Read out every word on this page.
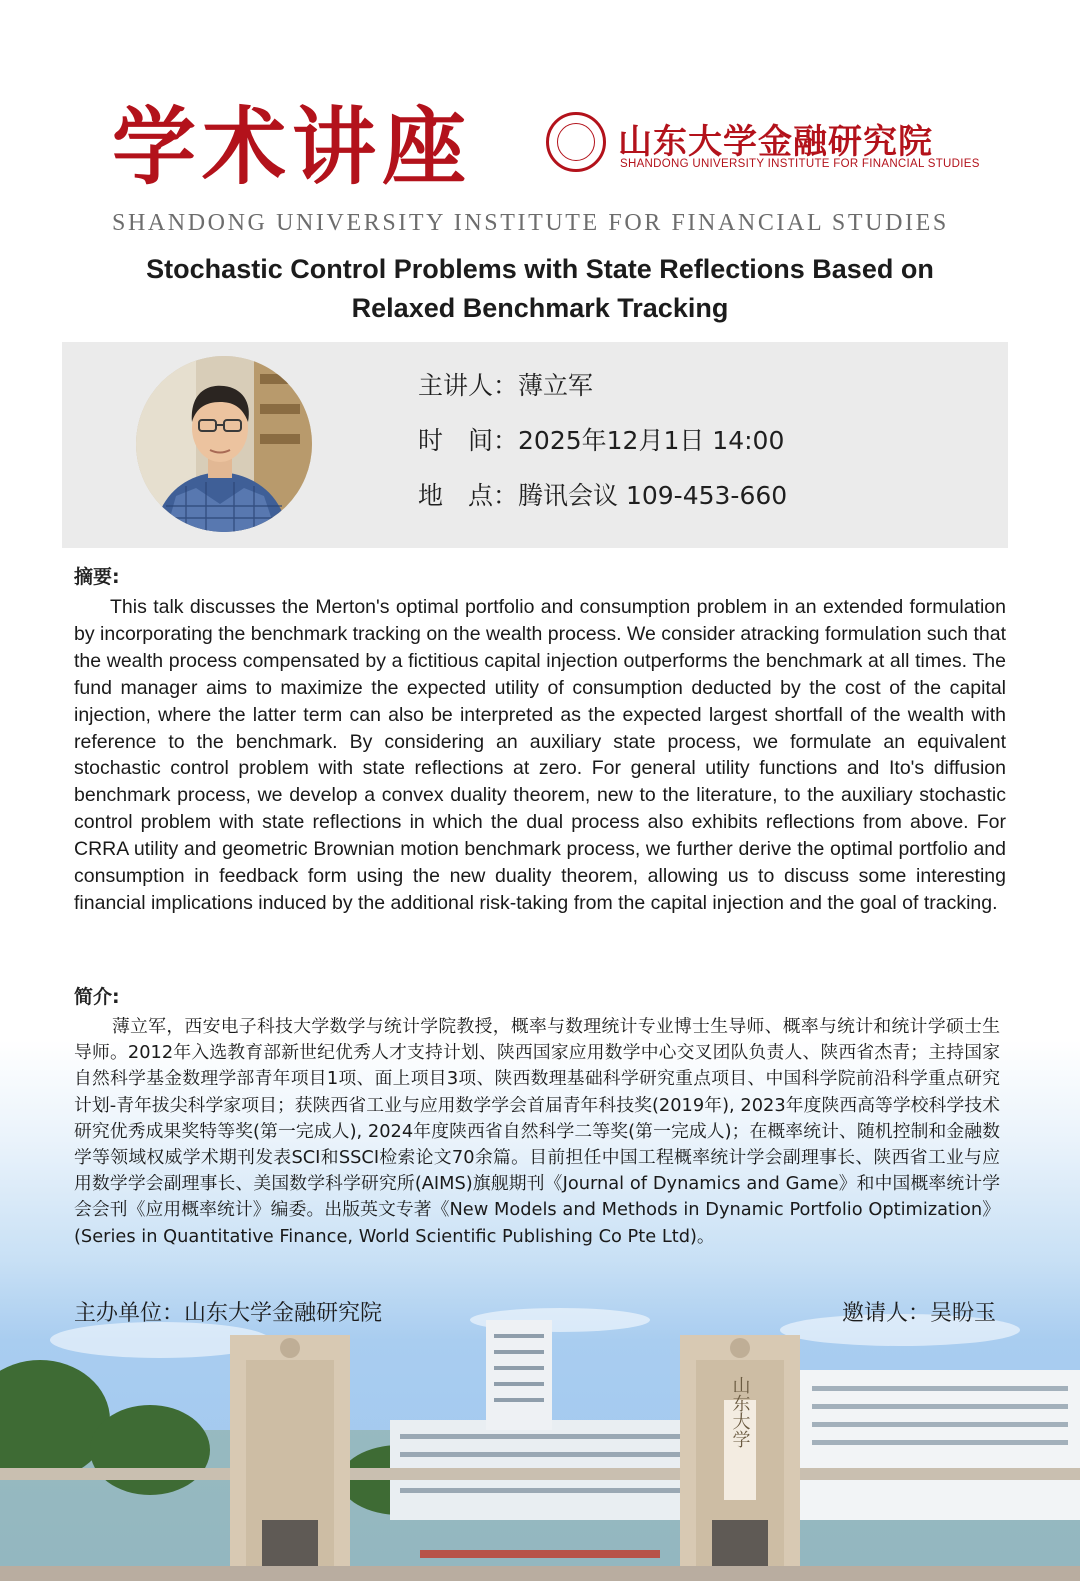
学术讲座	山东大学金融研究院
SHANDONG UNIVERSITY INSTITUTE FOR FINANCIAL STUDIES
SHANDONG UNIVERSITY INSTITUTE FOR FINANCIAL STUDIES
Stochastic Control Problems with State Reflections Based on
Relaxed Benchmark Tracking
主讲人：薄立军
时　间：2025年12月1日 14:00
地　点：腾讯会议 109-453-660
摘要:

This talk discusses the Merton's optimal portfolio and consumption problem in an extended formulation by incorporating the benchmark tracking on the wealth process. We consider atracking formulation such that the wealth process compensated by a fictitious capital injection outperforms the benchmark at all times. The fund manager aims to maximize the expected utility of consumption deducted by the cost of the capital injection, where the latter term can also be interpreted as the expected largest shortfall of the wealth with reference to the benchmark. By considering an auxiliary state process, we formulate an equivalent stochastic control problem with state reflections at zero. For general utility functions and Ito's diffusion benchmark process, we develop a convex duality theorem, new to the literature, to the auxiliary stochastic control problem with state reflections in which the dual process also exhibits reflections from above. For CRRA utility and geometric Brownian motion benchmark process, we further derive the optimal portfolio and consumption in feedback form using the new duality theorem, allowing us to discuss some interesting financial implications induced by the additional risk-taking from the capital injection and the goal of tracking.

简介:

薄立军，西安电子科技大学数学与统计学院教授，概率与数理统计专业博士生导师、概率与统计和统计学硕士生导师。2012年入选教育部新世纪优秀人才支持计划、陕西国家应用数学中心交叉团队负责人、陕西省杰青；主持国家自然科学基金数理学部青年项目1项、面上项目3项、陕西数理基础科学研究重点项目、中国科学院前沿科学重点研究计划-青年拔尖科学家项目；获陕西省工业与应用数学学会首届青年科技奖(2019年), 2023年度陕西高等学校科学技术研究优秀成果奖特等奖(第一完成人), 2024年度陕西省自然科学二等奖(第一完成人)；在概率统计、随机控制和金融数学等领域权威学术期刊发表SCI和SSCI检索论文70余篇。目前担任中国工程概率统计学会副理事长、陕西省工业与应用数学学会副理事长、美国数学科学研究所(AIMS)旗舰期刊《Journal of Dynamics and Game》和中国概率统计学会会刊《应用概率统计》编委。出版英文专著《New Models and Methods in Dynamic Portfolio Optimization》 (Series in Quantitative Finance, World Scientific Publishing Co Pte Ltd)。

山东大学
主办单位：山东大学金融研究院	邀请人：吴盼玉
